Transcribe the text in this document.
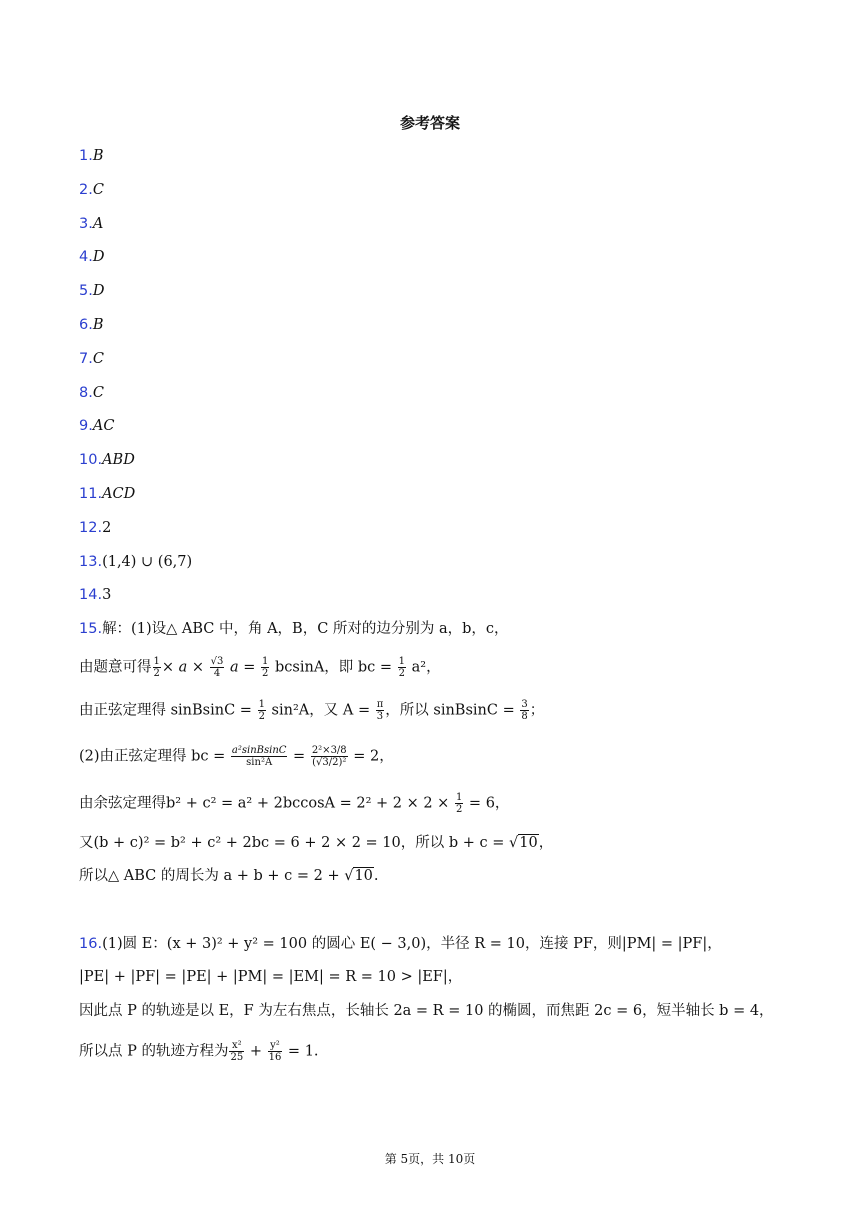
参考答案
1.B
2.C
3.A
4.D
5.D
6.B
7.C
8.C
9.AC
10.ABD
11.ACD
12.2
13.(1,4) ∪ (6,7)
14.3
15.解：(1)设△ ABC 中，角 A，B，C 所对的边分别为 a，b，c，
由题意可得 $\frac{1}{2} \times a \times \frac{√3}{4}$ $a = \frac{1}{2}$ bcsinA，即 bc = $\frac{1}{2} a^2$，
由正弦定理得 sinBsinC = $\frac{1}{2} \sin^2A$，又 $A = \frac{\pi}{3}$ ，所以 sinBsinC = $\frac{3}{8}$ ；
(2)由正弦定理得 bc = $\frac{\text{a²sinBsinC}}{\text{sin²A}} = \frac{\text{2²×3/8}}{\text{(√3/2)²}} = 2$，
由余弦定理得$b^2 + c^2 = a^2 + 2bccosA = 2^2 + 2 \times 2 \times \frac{1}{2} = 6$，
又(b + c)² = b² + c² + 2bc = 6 + 2 × 2 = 10，所以 b + c = √10，
所以△ ABC 的周长为 a + b + c = 2 + √10.
16.(1)圆 E：(x + 3)² + y² = 100 的圆心 E( − 3,0)，半径 R = 10，连接 PF，则|PM| = |PF|，
|PE| + |PF| = |PE| + |PM| = |EM| = R = 10 > |EF|，
因此点 P 的轨迹是以 E，F 为左右焦点，长轴长 2a = R = 10 的椭圆，而焦距 2c = 6，短半轴长 b = 4，
所以点 P 的轨迹方程为 $\frac{\text{x²}}{25} + \frac{\text{y²}}{16} = 1$.
第 5页，共 10页
